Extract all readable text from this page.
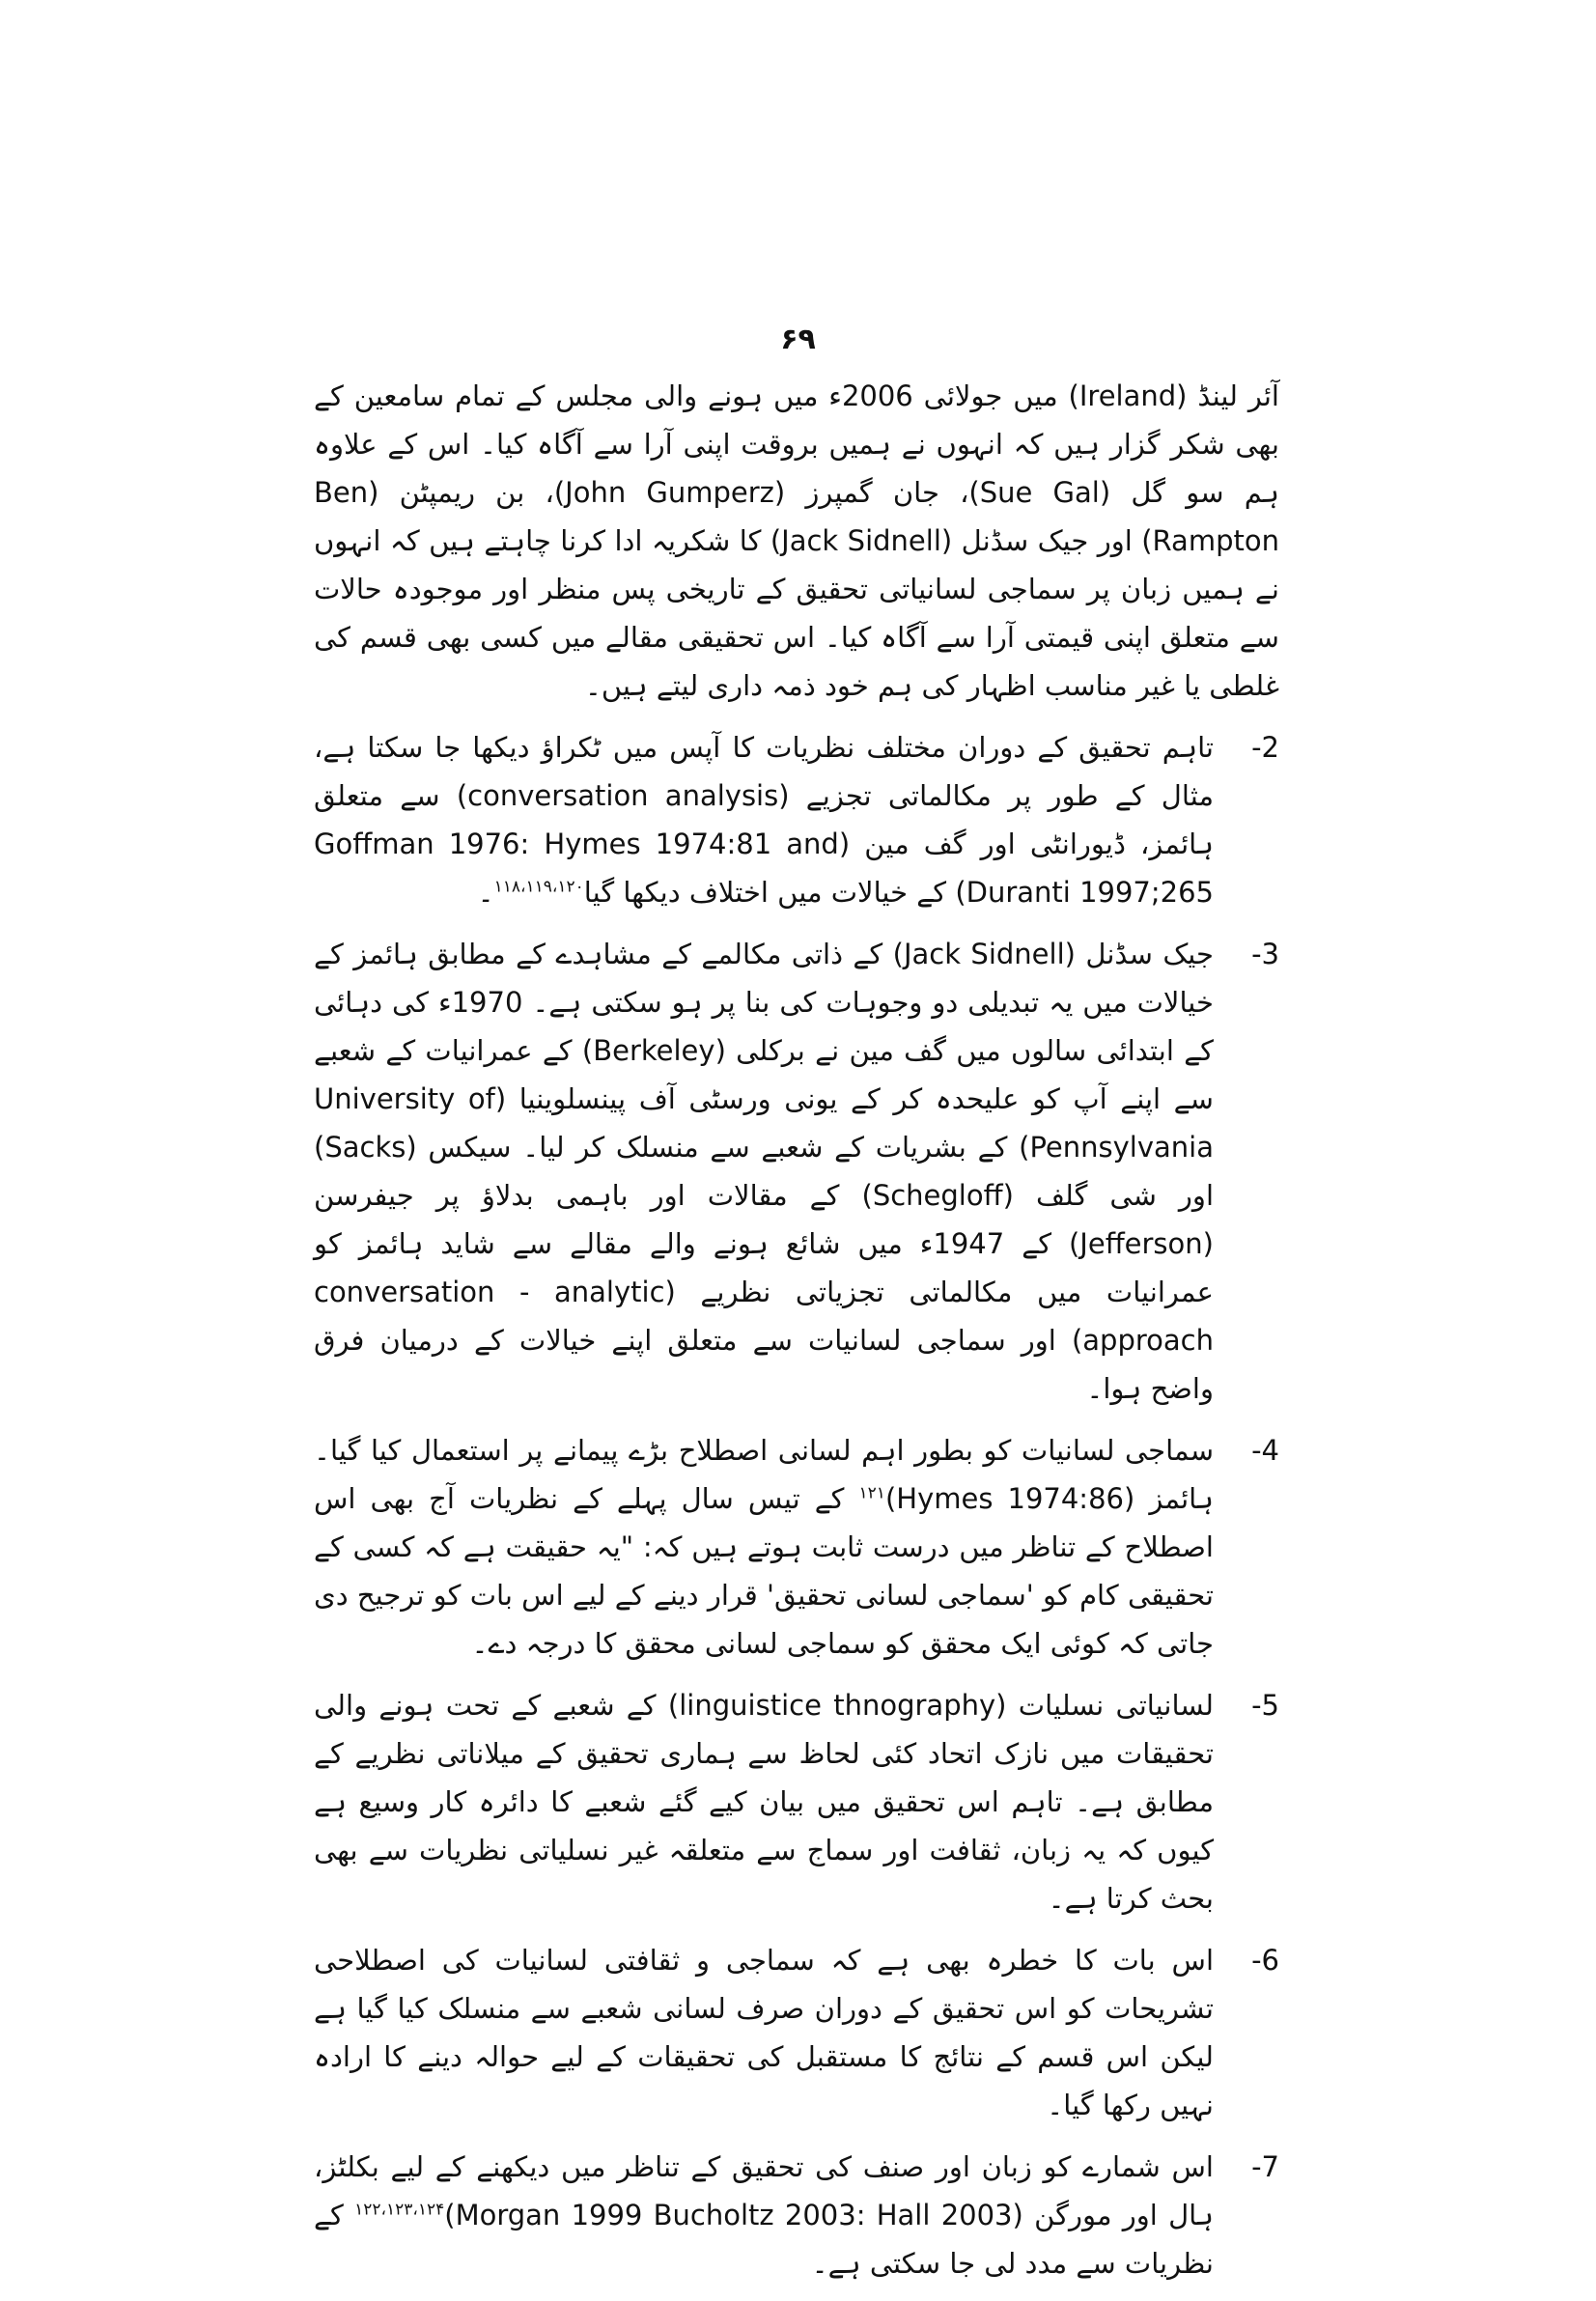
۶۹

آئر لینڈ (Ireland) میں جولائی 2006ء میں ہونے والی مجلس کے تمام سامعین کے بھی شکر گزار ہیں کہ انہوں نے ہمیں بروقت اپنی آرا سے آگاہ کیا۔ اس کے علاوہ ہم سو گل (Sue Gal)، جان گمپرز (John Gumperz)، بن ریمپٹن (Ben Rampton) اور جیک سڈنل (Jack Sidnell) کا شکریہ ادا کرنا چاہتے ہیں کہ انہوں نے ہمیں زبان پر سماجی لسانیاتی تحقیق کے تاریخی پس منظر اور موجودہ حالات سے متعلق اپنی قیمتی آرا سے آگاہ کیا۔ اس تحقیقی مقالے میں کسی بھی قسم کی غلطی یا غیر مناسب اظہار کی ہم خود ذمہ داری لیتے ہیں۔

-2
تاہم تحقیق کے دوران مختلف نظریات کا آپس میں ٹکراؤ دیکھا جا سکتا ہے، مثال کے طور پر مکالماتی تجزیے (conversation analysis) سے متعلق ہائمز، ڈیورانٹی اور گف مین (Goffman 1976: Hymes 1974:81 and Duranti 1997;265) کے خیالات میں اختلاف دیکھا گیا$^{۱۱۸،۱۱۹،۱۲۰}$۔
-3
جیک سڈنل (Jack Sidnell) کے ذاتی مکالمے کے مشاہدے کے مطابق ہائمز کے خیالات میں یہ تبدیلی دو وجوہات کی بنا پر ہو سکتی ہے۔ 1970ء کی دہائی کے ابتدائی سالوں میں گف مین نے برکلی (Berkeley) کے عمرانیات کے شعبے سے اپنے آپ کو علیحدہ کر کے یونی ورسٹی آف پینسلوینیا (University of Pennsylvania) کے بشریات کے شعبے سے منسلک کر لیا۔ سیکس (Sacks) اور شی گلف (Schegloff) کے مقالات اور باہمی بدلاؤ پر جیفرسن (Jefferson) کے 1947ء میں شائع ہونے والے مقالے سے شاید ہائمز کو عمرانیات میں مکالماتی تجزیاتی نظریے (conversation - analytic approach) اور سماجی لسانیات سے متعلق اپنے خیالات کے درمیان فرق واضح ہوا۔
-4
سماجی لسانیات کو بطور اہم لسانی اصطلاح بڑے پیمانے پر استعمال کیا گیا۔ ہائمز (Hymes 1974:86)$^{۱۲۱}$ کے تیس سال پہلے کے نظریات آج بھی اس اصطلاح کے تناظر میں درست ثابت ہوتے ہیں کہ: "یہ حقیقت ہے کہ کسی کے تحقیقی کام کو 'سماجی لسانی تحقیق' قرار دینے کے لیے اس بات کو ترجیح دی جاتی کہ کوئی ایک محقق کو سماجی لسانی محقق کا درجہ دے۔
-5
لسانیاتی نسلیات (linguistice thnography) کے شعبے کے تحت ہونے والی تحقیقات میں نازک اتحاد کئی لحاظ سے ہماری تحقیق کے میلاناتی نظریے کے مطابق ہے۔ تاہم اس تحقیق میں بیان کیے گئے شعبے کا دائرہ کار وسیع ہے کیوں کہ یہ زبان، ثقافت اور سماج سے متعلقہ غیر نسلیاتی نظریات سے بھی بحث کرتا ہے۔
-6
اس بات کا خطرہ بھی ہے کہ سماجی و ثقافتی لسانیات کی اصطلاحی تشریحات کو اس تحقیق کے دوران صرف لسانی شعبے سے منسلک کیا گیا ہے لیکن اس قسم کے نتائج کا مستقبل کی تحقیقات کے لیے حوالہ دینے کا ارادہ نہیں رکھا گیا۔
-7
اس شمارے کو زبان اور صنف کی تحقیق کے تناظر میں دیکھنے کے لیے بکلٹز، ہال اور مورگن (Morgan 1999 Bucholtz 2003: Hall 2003)$^{۱۲۲،۱۲۳،۱۲۴}$ کے نظریات سے مدد لی جا سکتی ہے۔
